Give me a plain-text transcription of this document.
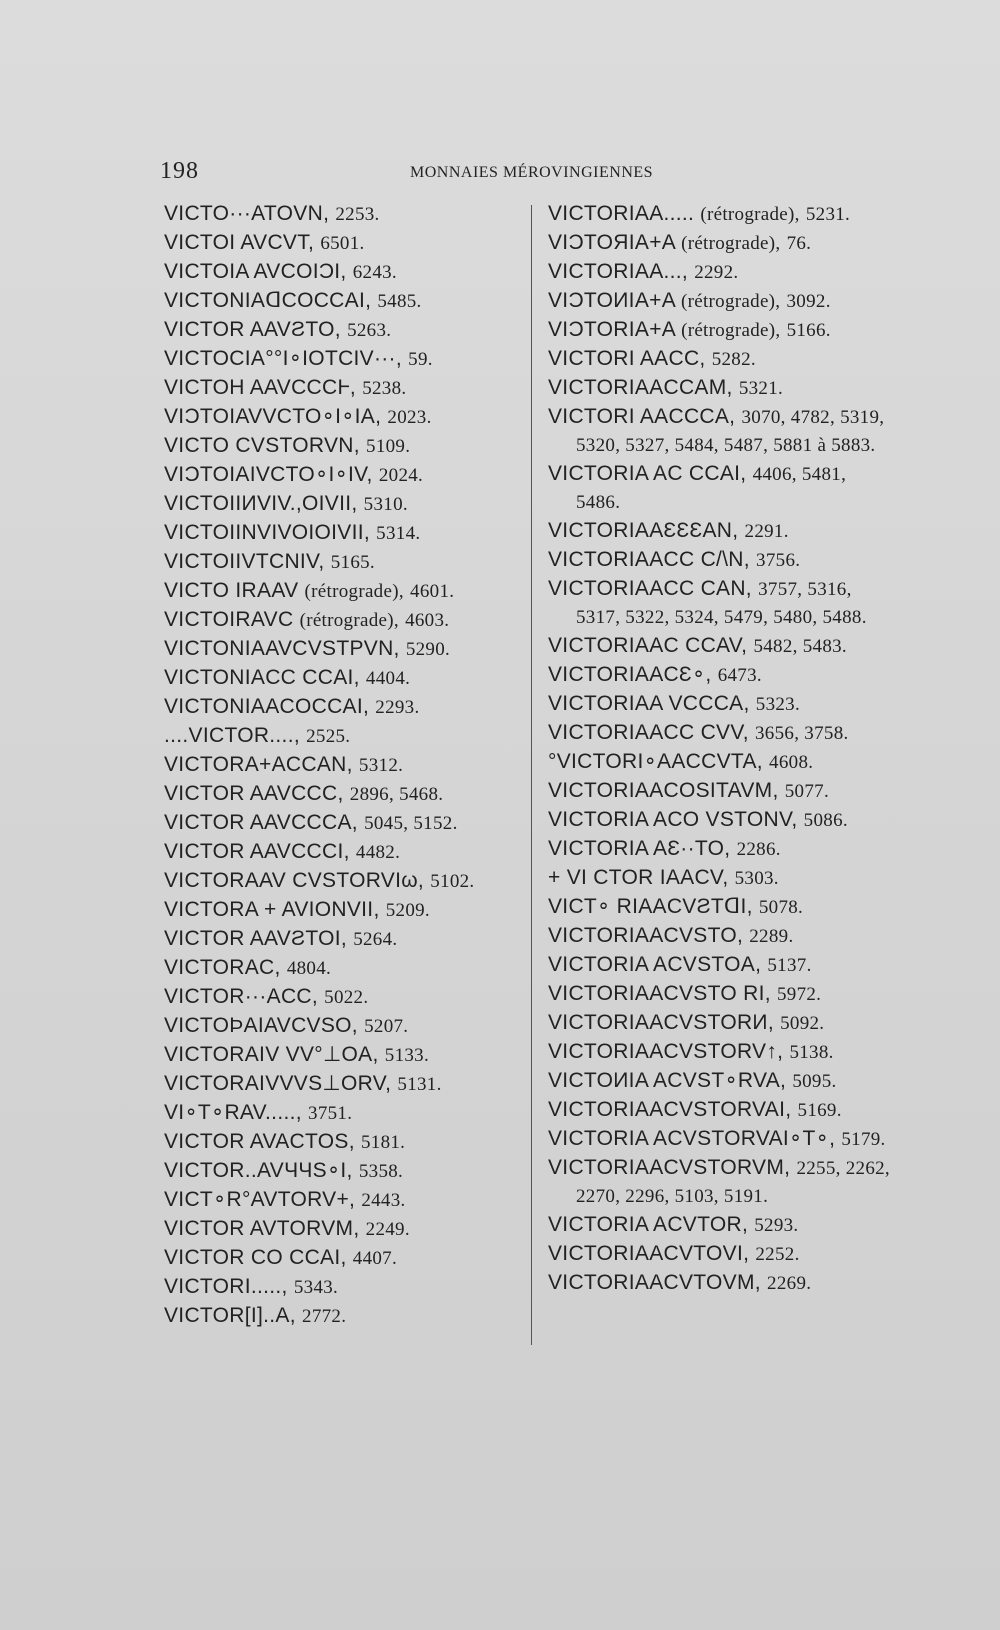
198	MONNAIES MÉROVINGIENNES
VICTO···ATOVN, 2253.
VICTOI AVCVT, 6501.
VICTOIA AVCOIƆI, 6243.
VICTONIAᗡCOCCAI, 5485.
VICTOR AAVƧTO, 5263.
VICTOCIA°°I∘IOTCIV···, 59.
VICTOH AAVCCCⱵ, 5238.
VIƆTOIAVVCTO∘I∘IA, 2023.
VICTO CVSTORVN, 5109.
VIƆTOIAIVCTO∘I∘IV, 2024.
VICTOIIИVIV.,OIVII, 5310.
VICTOIINVIVOIOIVII, 5314.
VICTOIIVTCNIV, 5165.
VICTO IRAAV (rétrograde), 4601.
VICTOIRAVC (rétrograde), 4603.
VICTONIAAVCVSTPVN, 5290.
VICTONIACC CCAI, 4404.
VICTONIAACOCCAI, 2293.
....VICTOR...., 2525.
VICTORA+ACCAN, 5312.
VICTOR AAVCCC, 2896, 5468.
VICTOR AAVCCCA, 5045, 5152.
VICTOR AAVCCCI, 4482.
VICTORAAV CVSTORVIω, 5102.
VICTORA + AVIONVII, 5209.
VICTOR AAVƧTOI, 5264.
VICTORAC, 4804.
VICTOR···ACC, 5022.
VICTOÞAIAVCVSO, 5207.
VICTORAIV VV°⊥OA, 5133.
VICTORAIVVVS⊥ORV, 5131.
VI∘T∘RAV....., 3751.
VICTOR AVACTOS, 5181.
VICTOR..AVЧЧS∘I, 5358.
VICT∘R°AVTORV+, 2443.
VICTOR AVTORVM, 2249.
VICTOR CO CCAI, 4407.
VICTORI....., 5343.
VICTOR[I]..A, 2772.
VICTORIAA..... (rétrograde), 5231.
VIƆTOЯIA+A (rétrograde), 76.
VICTORIAA..., 2292.
VIƆTOИIA+A (rétrograde), 3092.
VIƆTORIA+A (rétrograde), 5166.
VICTORI AACC, 5282.
VICTORIAACCAM, 5321.
VICTORI AACCCA, 3070, 4782, 5319,
5320, 5327, 5484, 5487, 5881 à 5883.
VICTORIA AC CCAI, 4406, 5481,
5486.
VICTORIAAƐƐƐAN, 2291.
VICTORIAACC C/\N, 3756.
VICTORIAACC CAN, 3757, 5316,
5317, 5322, 5324, 5479, 5480, 5488.
VICTORIAAC CCAV, 5482, 5483.
VICTORIAACƐ∘, 6473.
VICTORIAA VCCCA, 5323.
VICTORIAACC CVV, 3656, 3758.
°VICTORI∘AACCVTA, 4608.
VICTORIAACOSITAVM, 5077.
VICTORIA ACO VSTONV, 5086.
VICTORIA AƐ··TO, 2286.
+ VI CTOR IAACV, 5303.
VICT∘ RIAACVƧTᗡI, 5078.
VICTORIAACVSTO, 2289.
VICTORIA ACVSTOA, 5137.
VICTORIAACVSTO RI, 5972.
VICTORIAACVSTORИ, 5092.
VICTORIAACVSTORV↑, 5138.
VICTOИIA ACVST∘RVA, 5095.
VICTORIAACVSTORVAI, 5169.
VICTORIA ACVSTORVAI∘T∘, 5179.
VICTORIAACVSTORVM, 2255, 2262,
2270, 2296, 5103, 5191.
VICTORIA ACVTOR, 5293.
VICTORIAACVTOVI, 2252.
VICTORIAACVTOVM, 2269.
